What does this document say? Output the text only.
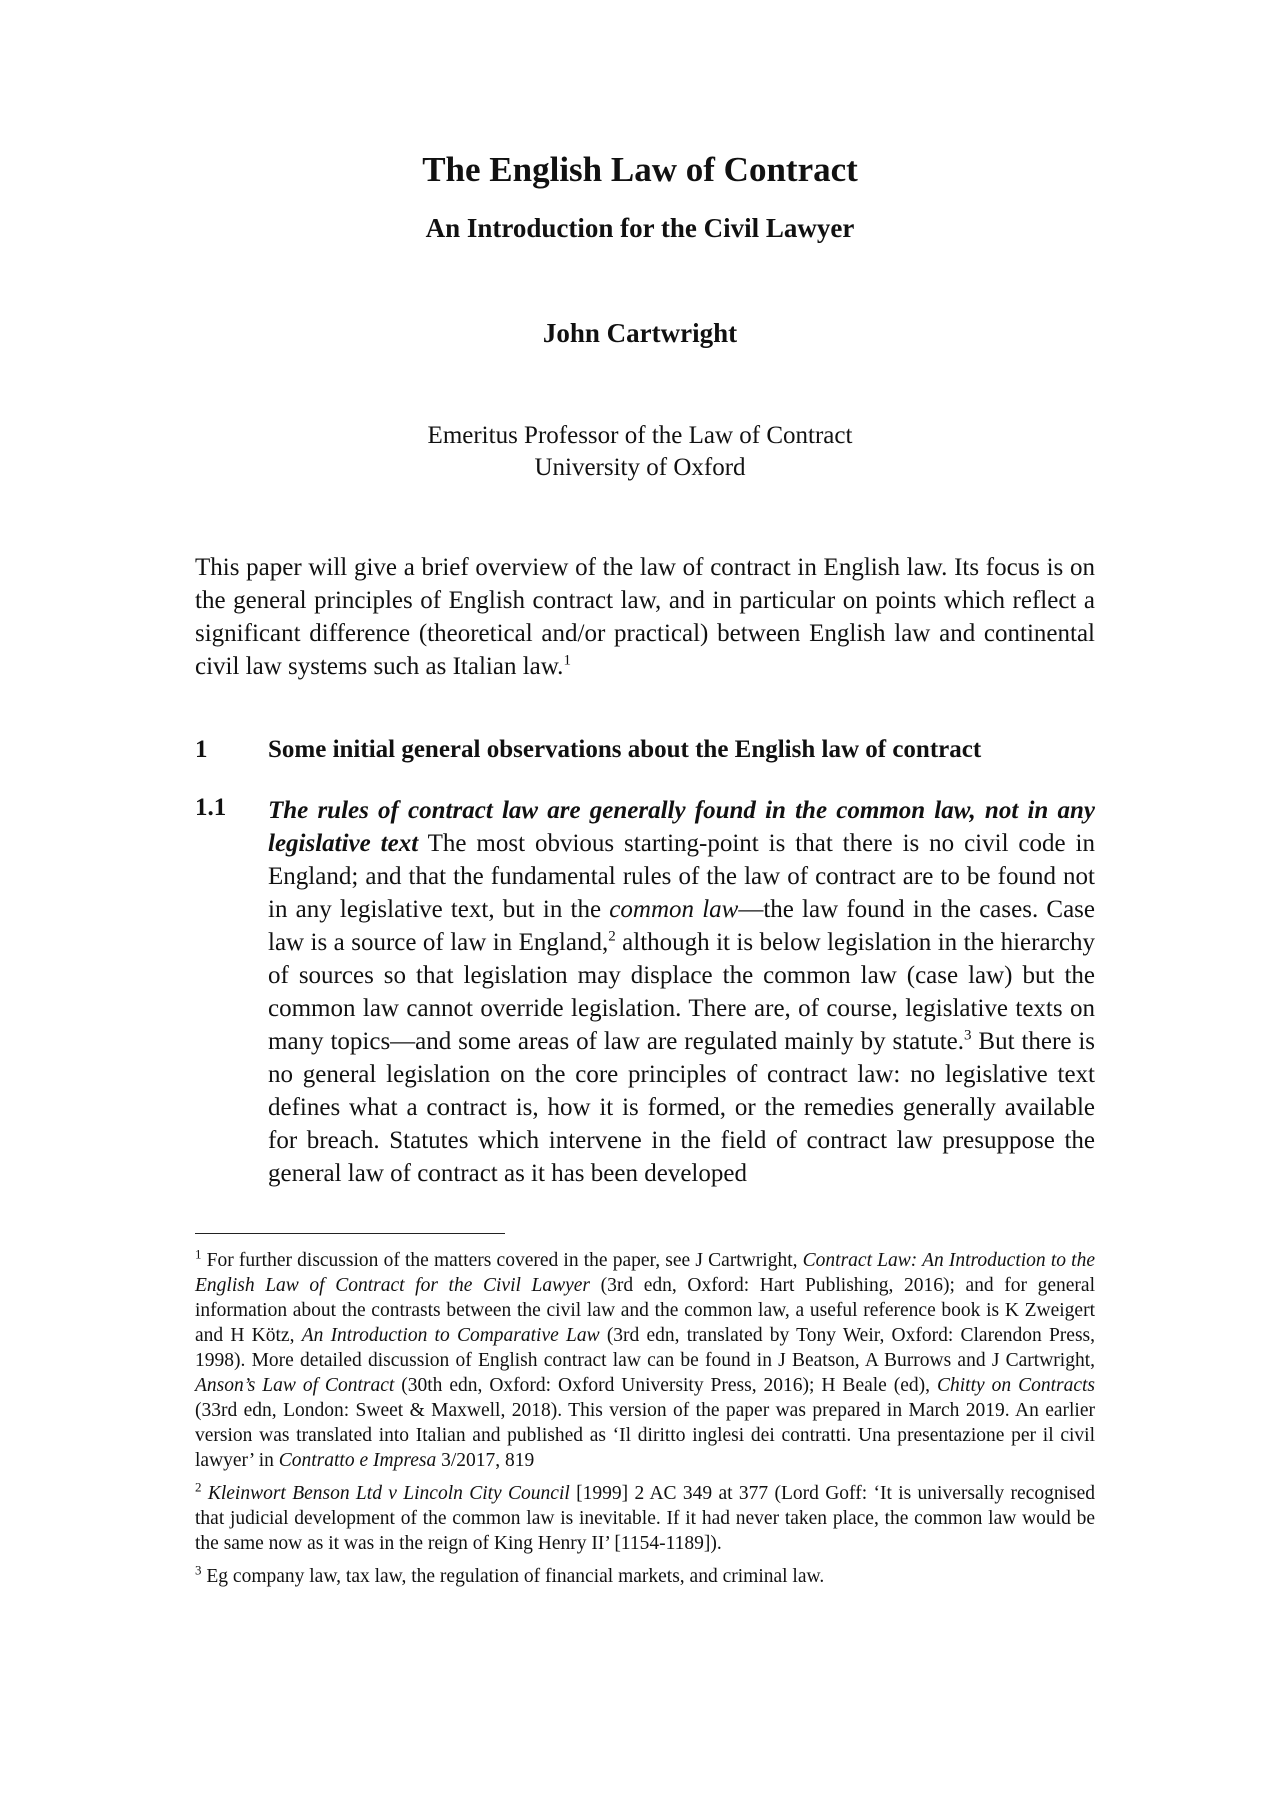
The English Law of Contract
An Introduction for the Civil Lawyer
John Cartwright

Emeritus Professor of the Law of Contract

University of Oxford

This paper will give a brief overview of the law of contract in English law. Its focus is on the general principles of English contract law, and in particular on points which reflect a significant difference (theoretical and/or practical) between English law and continental civil law systems such as Italian law.$^1$

1 Some initial general observations about the English law of contract
1.1 The rules of contract law are generally found in the common law, not in any legislative text The most obvious starting-point is that there is no civil code in England; and that the fundamental rules of the law of contract are to be found not in any legislative text, but in the common law—the law found in the cases. Case law is a source of law in England,$^2$ although it is below legislation in the hierarchy of sources so that legislation may displace the common law (case law) but the common law cannot override legislation. There are, of course, legislative texts on many topics—and some areas of law are regulated mainly by statute.$^3$ But there is no general legislation on the core principles of contract law: no legislative text defines what a contract is, how it is formed, or the remedies generally available for breach. Statutes which intervene in the field of contract law presuppose the general law of contract as it has been developed

$^1$ For further discussion of the matters covered in the paper, see J Cartwright, Contract Law: An Introduction to the English Law of Contract for the Civil Lawyer (3rd edn, Oxford: Hart Publishing, 2016); and for general information about the contrasts between the civil law and the common law, a useful reference book is K Zweigert and H Kötz, An Introduction to Comparative Law (3rd edn, translated by Tony Weir, Oxford: Clarendon Press, 1998). More detailed discussion of English contract law can be found in J Beatson, A Burrows and J Cartwright, Anson’s Law of Contract (30th edn, Oxford: Oxford University Press, 2016); H Beale (ed), Chitty on Contracts (33rd edn, London: Sweet & Maxwell, 2018). This version of the paper was prepared in March 2019. An earlier version was translated into Italian and published as ‘Il diritto inglesi dei contratti. Una presentazione per il civil lawyer’ in Contratto e Impresa 3/2017, 819

$^2$ Kleinwort Benson Ltd v Lincoln City Council [1999] 2 AC 349 at 377 (Lord Goff: ‘It is universally recognised that judicial development of the common law is inevitable. If it had never taken place, the common law would be the same now as it was in the reign of King Henry II’ [1154-1189]).

$^3$ Eg company law, tax law, the regulation of financial markets, and criminal law.
